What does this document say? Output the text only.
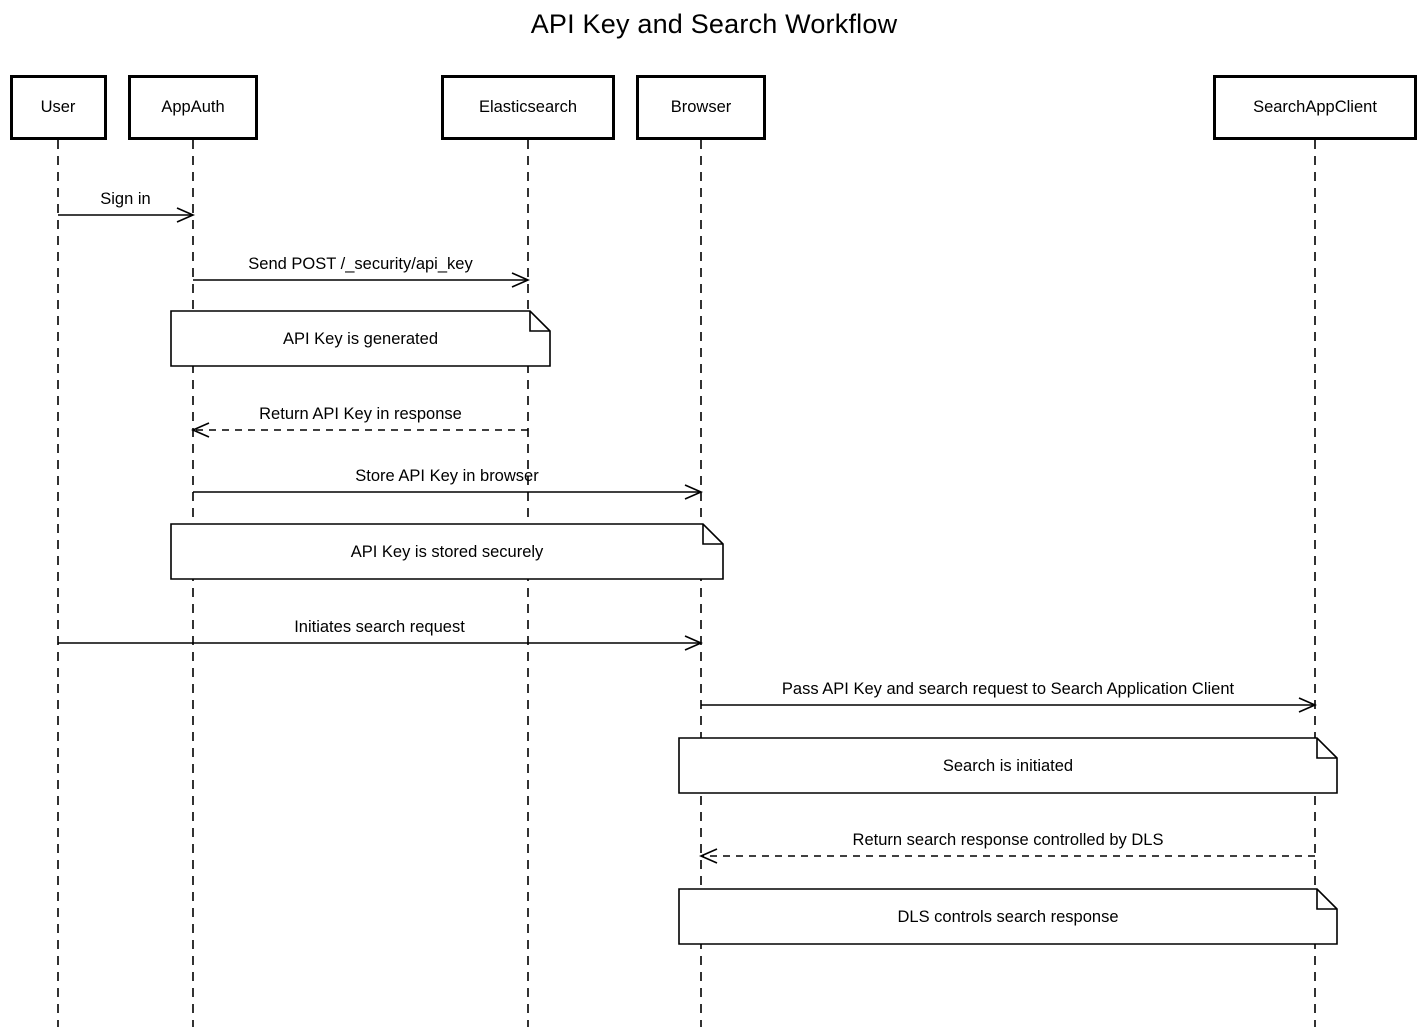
API Key and Search Workflow
User	AppAuth	Elasticsearch	Browser	SearchAppClient
Sign in
Send POST /_security/api_key
Return API Key in response
Store API Key in browser
Initiates search request
Pass API Key and search request to Search Application Client
Return search response controlled by DLS
API Key is generated
API Key is stored securely
Search is initiated
DLS controls search response
